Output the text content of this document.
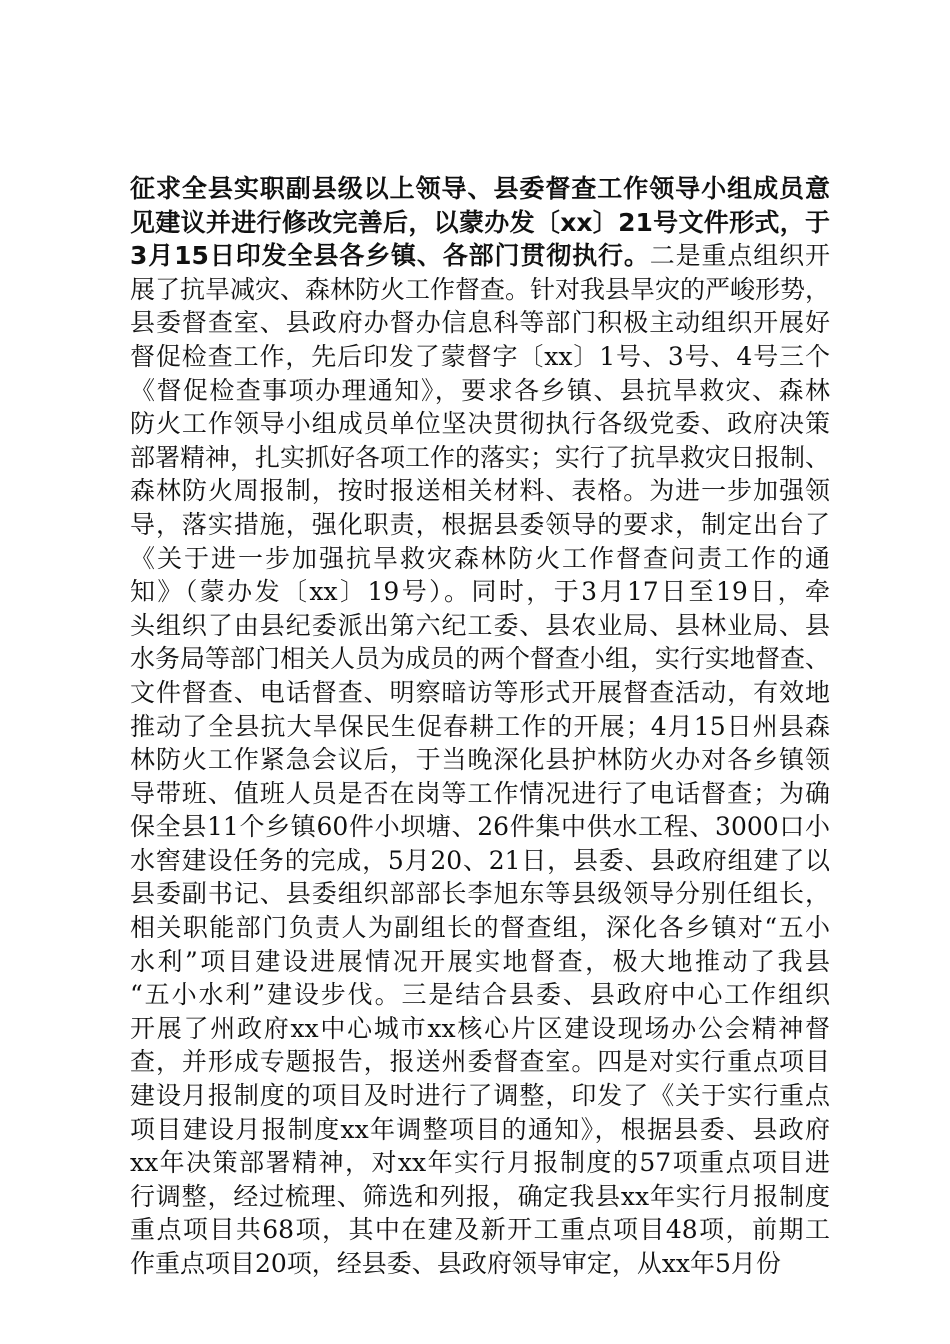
征求全县实职副县级以上领导、县委督查工作领导小组成员意
见建议并进行修改完善后，以蒙办发〔xx〕21号文件形式，于
3月15日印发全县各乡镇、各部门贯彻执行。二是重点组织开
展了抗旱减灾、森林防火工作督查。针对我县旱灾的严峻形势，
县委督查室、县政府办督办信息科等部门积极主动组织开展好
督促检查工作，先后印发了蒙督字〔xx〕1号、3号、4号三个
《督促检查事项办理通知》，要求各乡镇、县抗旱救灾、森林
防火工作领导小组成员单位坚决贯彻执行各级党委、政府决策
部署精神，扎实抓好各项工作的落实；实行了抗旱救灾日报制、
森林防火周报制，按时报送相关材料、表格。为进一步加强领
导，落实措施，强化职责，根据县委领导的要求，制定出台了
《关于进一步加强抗旱救灾森林防火工作督查问责工作的通
知》（蒙办发〔xx〕19号）。同时，于3月17日至19日，牵
头组织了由县纪委派出第六纪工委、县农业局、县林业局、县
水务局等部门相关人员为成员的两个督查小组，实行实地督查、
文件督查、电话督查、明察暗访等形式开展督查活动，有效地
推动了全县抗大旱保民生促春耕工作的开展；4月15日州县森
林防火工作紧急会议后，于当晚深化县护林防火办对各乡镇领
导带班、值班人员是否在岗等工作情况进行了电话督查；为确
保全县11个乡镇60件小坝塘、26件集中供水工程、3000口小
水窖建设任务的完成，5月20、21日，县委、县政府组建了以
县委副书记、县委组织部部长李旭东等县级领导分别任组长，
相关职能部门负责人为副组长的督查组，深化各乡镇对“五小
水利”项目建设进展情况开展实地督查，极大地推动了我县
“五小水利”建设步伐。三是结合县委、县政府中心工作组织
开展了州政府xx中心城市xx核心片区建设现场办公会精神督
查，并形成专题报告，报送州委督查室。四是对实行重点项目
建设月报制度的项目及时进行了调整，印发了《关于实行重点
项目建设月报制度xx年调整项目的通知》，根据县委、县政府
xx年决策部署精神，对xx年实行月报制度的57项重点项目进
行调整，经过梳理、筛选和列报，确定我县xx年实行月报制度
重点项目共68项，其中在建及新开工重点项目48项，前期工
作重点项目20项，经县委、县政府领导审定，从xx年5月份
